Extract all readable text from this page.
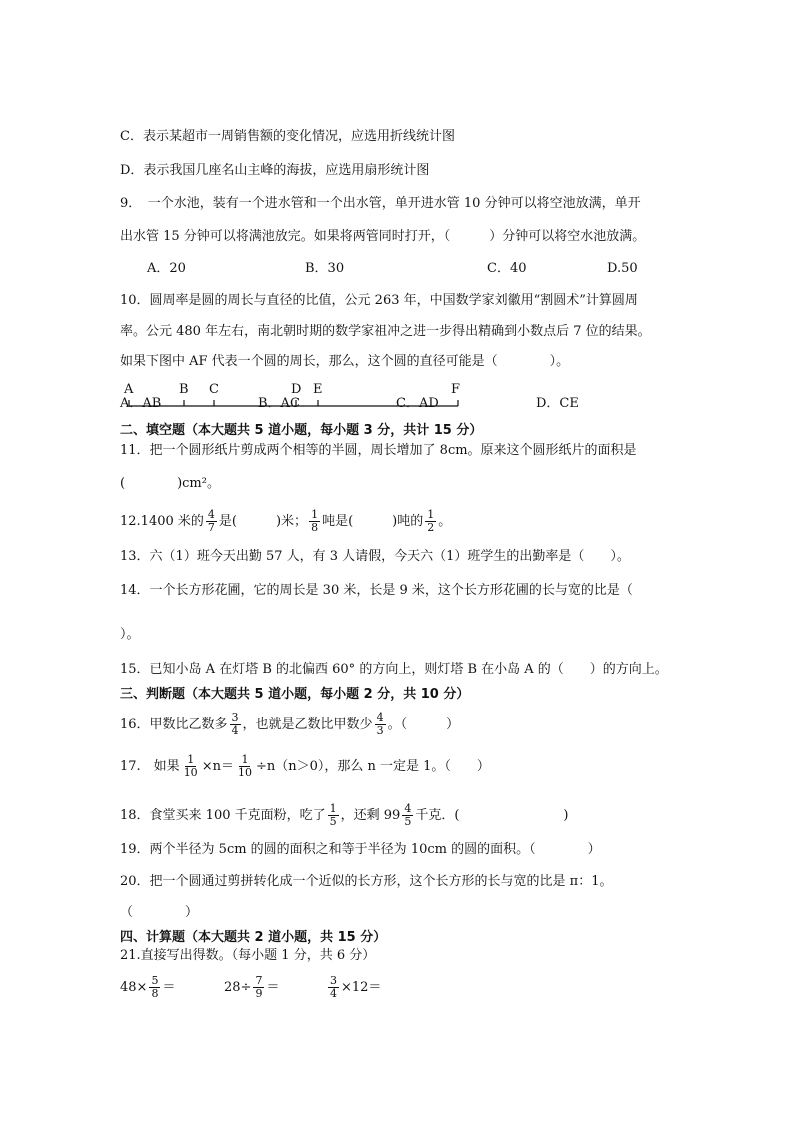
C．表示某超市一周销售额的变化情况，应选用折线统计图
D．表示我国几座名山主峰的海拔，应选用扇形统计图
9．　一个水池，装有一个进水管和一个出水管，单开进水管 10 分钟可以将空池放满，单开
出水管 15 分钟可以将满池放完。如果将两管同时打开，（　　　）分钟可以将空水池放满。
A．20	B．30	C．40	D.50
10．圆周率是圆的周长与直径的比值，公元 263 年，中国数学家刘徽用“割圆术”计算圆周
率。公元 480 年左右，南北朝时期的数学家祖冲之进一步得出精确到小数点后 7 位的结果。
如果下图中 AF 代表一个圆的周长，那么，这个圆的直径可能是（　　　　）。
A	B C	D E	F
A．AB	B．AC	C．AD	D．CE
二、填空题（本大题共 5 道小题，每小题 3 分，共计 15 分）
11．把一个圆形纸片剪成两个相等的半圆，周长增加了 8cm。原来这个圆形纸片的面积是
(　　　　)cm²。
12.1400 米的 $\frac{4}{7}$ 是(　　　)米； $\frac{1}{8}$ 吨是(　　　)吨的 $\frac{1}{2}$ 。
13．六（1）班今天出勤 57 人，有 3 人请假，今天六（1）班学生的出勤率是（　　）。
14．一个长方形花圃，它的周长是 30 米，长是 9 米，这个长方形花圃的长与宽的比是（
）。
15．已知小岛 A 在灯塔 B 的北偏西 60° 的方向上，则灯塔 B 在小岛 A 的（　　）的方向上。
三、判断题（本大题共 5 道小题，每小题 2 分，共 10 分）
16．甲数比乙数多 $\frac{3}{4}$ ，也就是乙数比甲数少 $\frac{4}{3}$ 。（　　　）
17.　如果 $\frac{1}{10} \times n= \frac{1}{10} \div n(n>0)$，那么 n 一定是 1。（　　）
18．食堂买来 100 千克面粉，吃了 $\frac{1}{5}$ ，还剩 $99 \frac{4}{5}$ 千克．(　　　　　　　　)
19．两个半径为 5cm 的圆的面积之和等于半径为 10cm 的圆的面积。（　　　　）
20．把一个圆通过剪拼转化成一个近似的长方形，这个长方形的长与宽的比是 π：1。
（　　　　）
四、计算题（本大题共 2 道小题，共 15 分）
21.直接写出得数。（每小题 1 分，共 6 分）
$48\times \frac{5}{8}$ ＝	$28\div \frac{7}{9}$ ＝	$\frac{3}{4} \times 12=$
